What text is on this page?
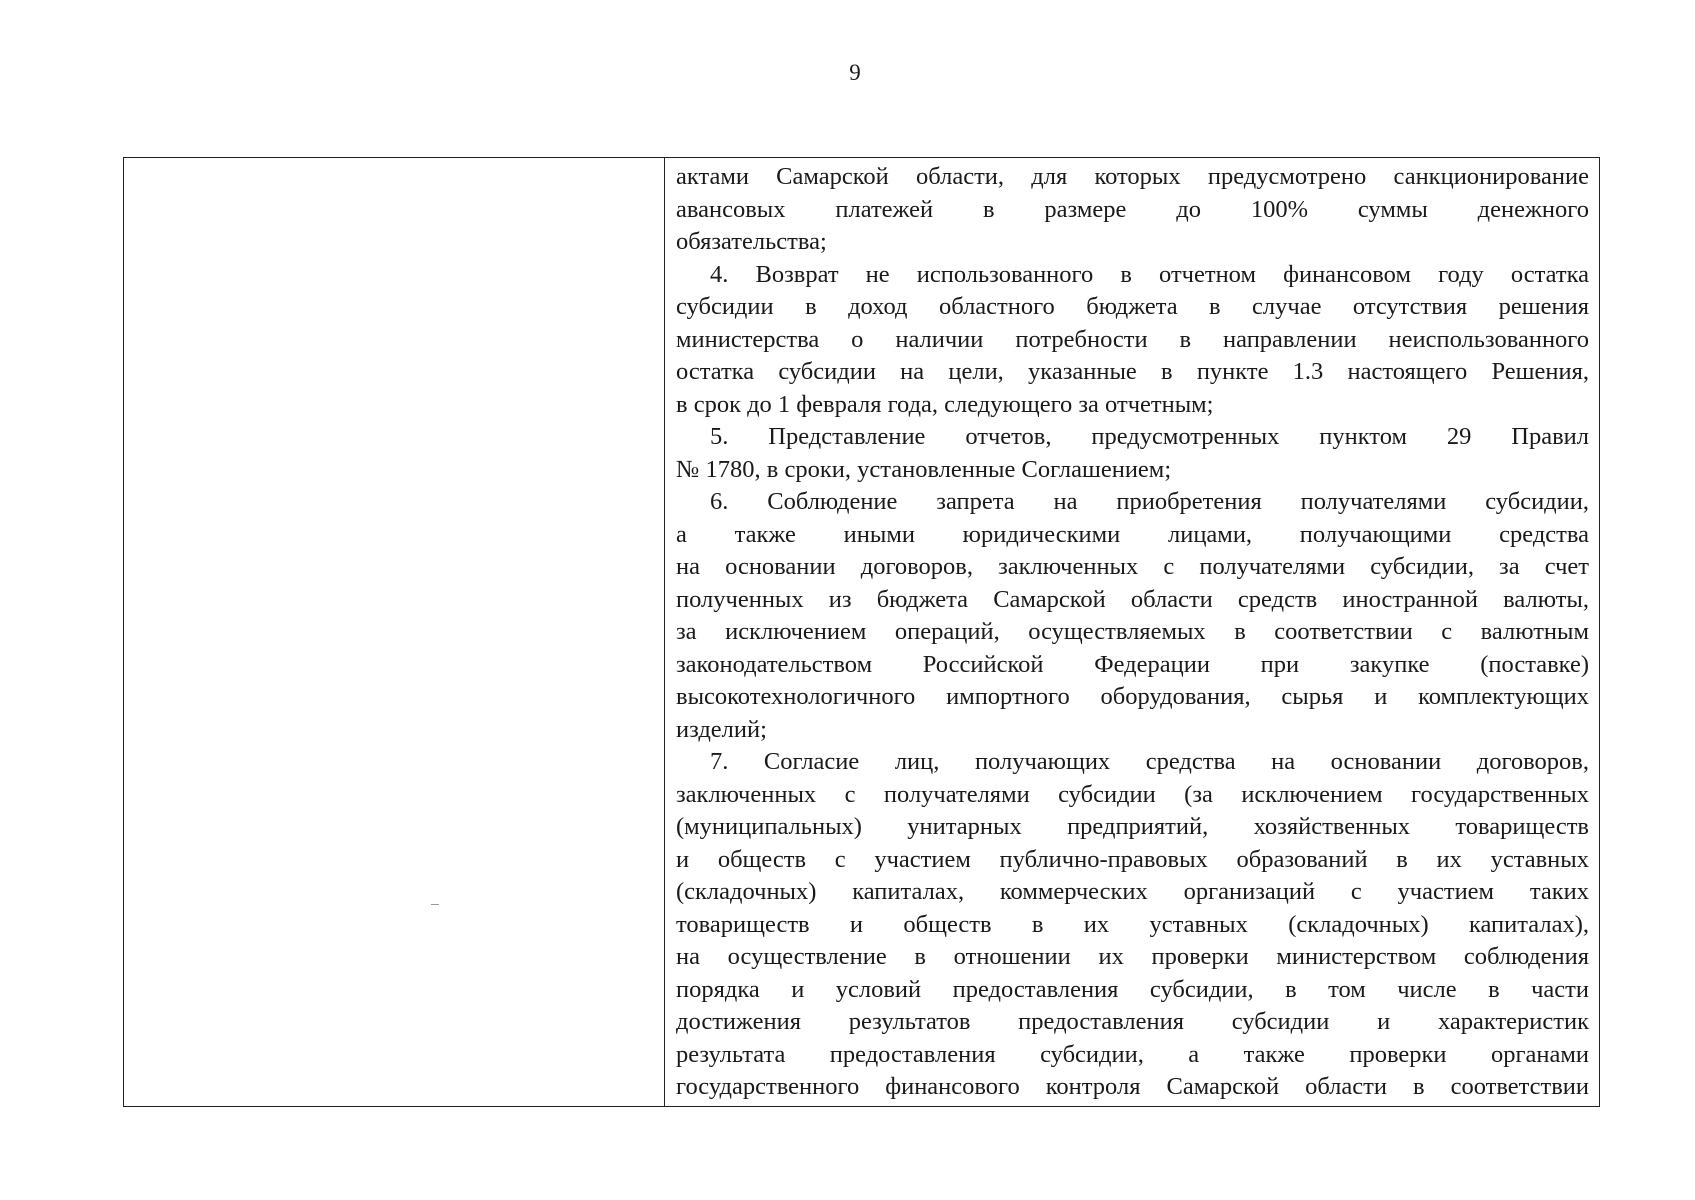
9
актами Самарской области, для которых предусмотрено санкционирование
авансовых платежей в размере до 100% суммы денежного
обязательства;
4. Возврат не использованного в отчетном финансовом году остатка
субсидии в доход областного бюджета в случае отсутствия решения
министерства о наличии потребности в направлении неиспользованного
остатка субсидии на цели, указанные в пункте 1.3 настоящего Решения,
в срок до 1 февраля года, следующего за отчетным;
5. Представление отчетов, предусмотренных пунктом 29 Правил
№ 1780, в сроки, установленные Соглашением;
6. Соблюдение запрета на приобретения получателями субсидии,
а также иными юридическими лицами, получающими средства
на основании договоров, заключенных с получателями субсидии, за счет
полученных из бюджета Самарской области средств иностранной валюты,
за исключением операций, осуществляемых в соответствии с валютным
законодательством Российской Федерации при закупке (поставке)
высокотехнологичного импортного оборудования, сырья и комплектующих
изделий;
7. Согласие лиц, получающих средства на основании договоров,
заключенных с получателями субсидии (за исключением государственных
(муниципальных) унитарных предприятий, хозяйственных товариществ
и обществ с участием публично-правовых образований в их уставных
(складочных) капиталах, коммерческих организаций с участием таких
товариществ и обществ в их уставных (складочных) капиталах),
на осуществление в отношении их проверки министерством соблюдения
порядка и условий предоставления субсидии, в том числе в части
достижения результатов предоставления субсидии и характеристик
результата предоставления субсидии, а также проверки органами
государственного финансового контроля Самарской области в соответствии
